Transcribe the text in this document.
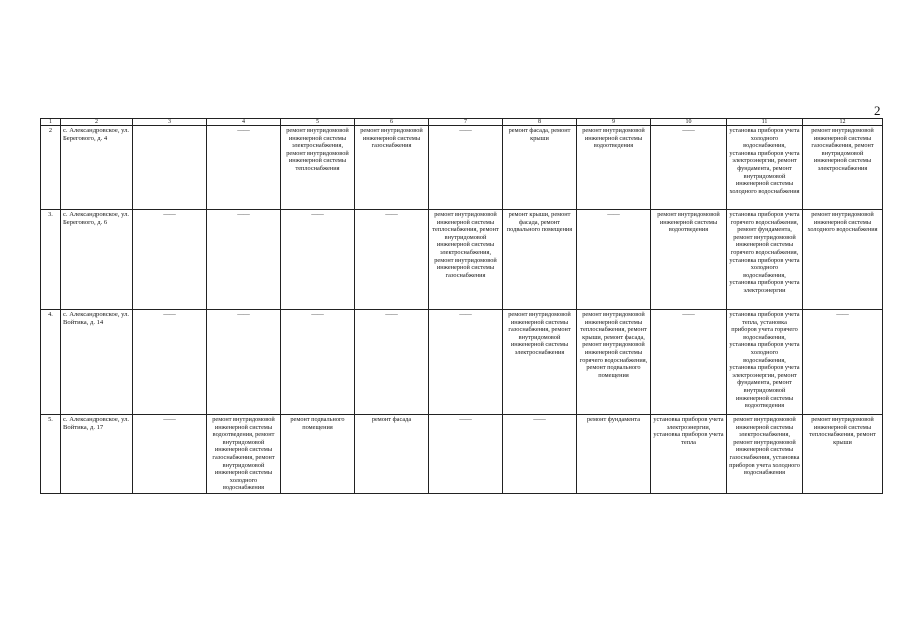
2
1	2	3	4	5	6	7	8	9	10	11	12
2	с. Александровское, ул. Берегового, д. 4		——	ремонт внутридомовой инженерной системы электроснабжения, ремонт внутридомовой инженерной системы теплоснабжения	ремонт внутридомовой инженерной системы газоснабжения	——	ремонт фасада, ремонт крыши	ремонт внутридомовой инженерной системы водоотведения	——	установка приборов учета холодного водоснабжения, установка приборов учета электроэнергии, ремонт фундамента, ремонт внутридомовой инженерной системы холодного водоснабжения	ремонт внутридомовой инженерной системы газоснабжения, ремонт внутридомовой инженерной системы электроснабжения
3.	с. Александровское, ул. Берегового, д. 6	——	——	——	——	ремонт внутридомовой инженерной системы теплоснабжения, ремонт внутридомовой инженерной системы электроснабжения, ремонт внутридомовой инженерной системы газоснабжения	ремонт крыши, ремонт фасада, ремонт подвального помещения	——	ремонт внутридомовой инженерной системы водоотведения	установка приборов учета горячего водоснабжения, ремонт фундамента, ремонт внутридомовой инженерной системы горячего водоснабжения, установка приборов учета холодного водоснабжения, установка приборов учета электроэнергии	ремонт внутридомовой инженерной системы холодного водоснабжения
4.	с. Александровское, ул. Войтика, д. 14	——	——	——	——	——	ремонт внутридомовой инженерной системы газоснабжения, ремонт внутридомовой инженерной системы электроснабжения	ремонт внутридомовой инженерной системы теплоснабжения, ремонт крыши, ремонт фасада, ремонт внутридомовой инженерной системы горячего водоснабжения, ремонт подвального помещения	——	установка приборов учета тепла, установка приборов учета горячего водоснабжения, установка приборов учета холодного водоснабжения, установка приборов учета электроэнергии, ремонт фундамента, ремонт внутридомовой инженерной системы водоотведения	——
5.	с. Александровское, ул. Войтика, д. 17	——	ремонт внутридомовой инженерной системы водоотведения, ремонт внутридомовой инженерной системы газоснабжения, ремонт внутридомовой инженерной системы холодного водоснабжения	ремонт подвального помещения	ремонт фасада	——	——	ремонт фундамента	установка приборов учета электроэнергии, установка приборов учета тепла	ремонт внутридомовой инженерной системы электроснабжения, ремонт внутридомовой инженерной системы газоснабжения, установка приборов учета холодного водоснабжения	ремонт внутридомовой инженерной системы теплоснабжения, ремонт крыши
